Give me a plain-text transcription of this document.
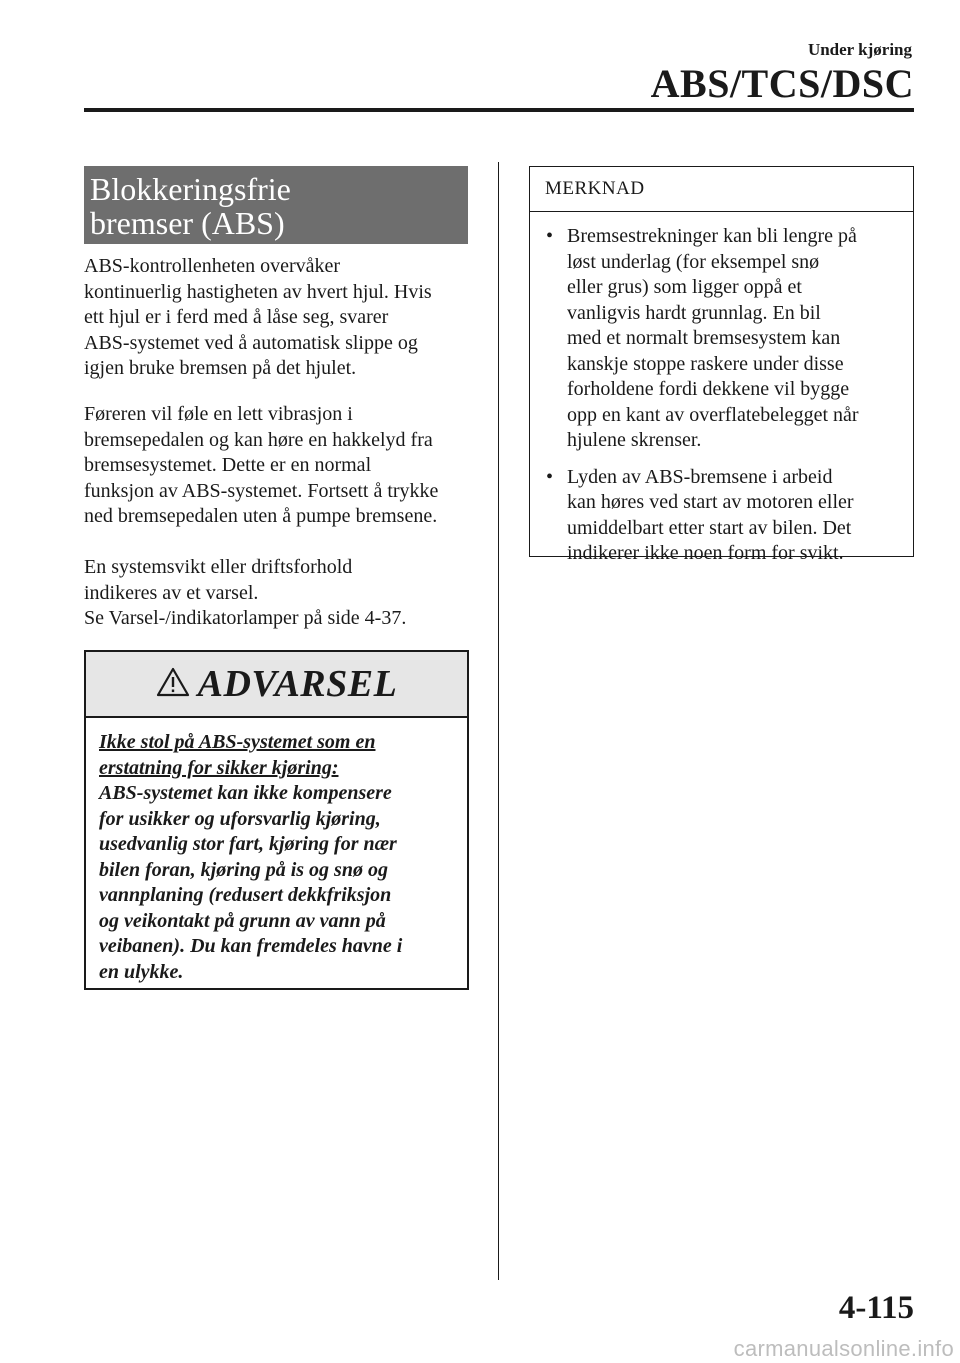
Under kjøring
ABS/TCS/DSC
Blokkeringsfrie
bremser (ABS)

ABS-kontrollenheten overvåker
kontinuerlig hastigheten av hvert hjul. Hvis
ett hjul er i ferd med å låse seg, svarer
ABS-systemet ved å automatisk slippe og
igjen bruke bremsen på det hjulet.

Føreren vil føle en lett vibrasjon i
bremsepedalen og kan høre en hakkelyd fra
bremsesystemet. Dette er en normal
funksjon av ABS-systemet. Fortsett å trykke
ned bremsepedalen uten å pumpe bremsene.

En systemsvikt eller driftsforhold
indikeres av et varsel.
Se Varsel-/indikatorlamper på side 4-37.

ADVARSEL
Ikke stol på ABS-systemet som en
erstatning for sikker kjøring:
ABS-systemet kan ikke kompensere
for usikker og uforsvarlig kjøring,
usedvanlig stor fart, kjøring for nær
bilen foran, kjøring på is og snø og
vannplaning (redusert dekkfriksjon
og veikontakt på grunn av vann på
veibanen). Du kan fremdeles havne i
en ulykke.
MERKNAD
• Bremsestrekninger kan bli lengre på
løst underlag (for eksempel snø
eller grus) som ligger oppå et
vanligvis hardt grunnlag. En bil
med et normalt bremsesystem kan
kanskje stoppe raskere under disse
forholdene fordi dekkene vil bygge
opp en kant av overflatebelegget når
hjulene skrenser.
• Lyden av ABS-bremsene i arbeid
kan høres ved start av motoren eller
umiddelbart etter start av bilen. Det
indikerer ikke noen form for svikt.
4-115
carmanualsonline.info
